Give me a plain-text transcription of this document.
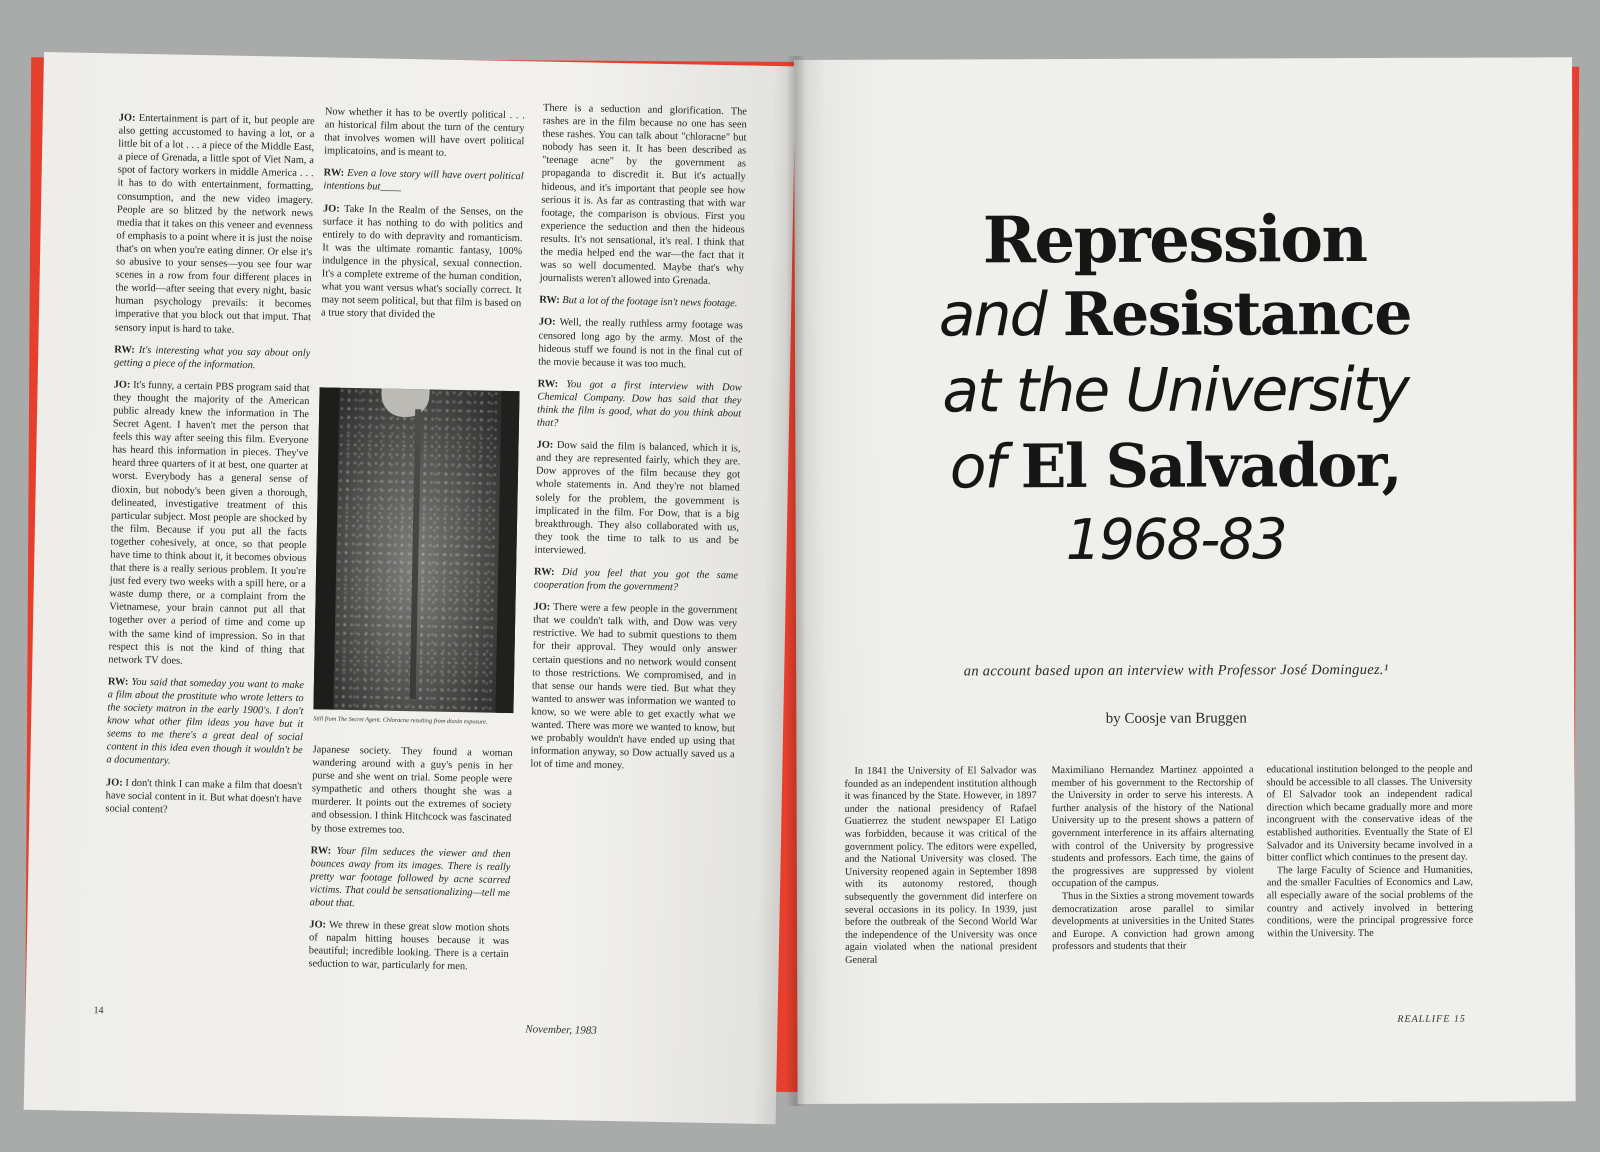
JO: Entertainment is part of it, but people are also getting accustomed to having a lot, or a little bit of a lot . . . a piece of the Middle East, a piece of Grenada, a little spot of Viet Nam, a spot of factory workers in middle America . . . it has to do with entertainment, formatting, consumption, and the new video imagery. People are so blitzed by the network news media that it takes on this veneer and evenness of emphasis to a point where it is just the noise that's on when you're eating dinner. Or else it's so abusive to your senses—you see four war scenes in a row from four different places in the world—after seeing that every night, basic human psychology prevails: it becomes imperative that you block out that imput. That sensory input is hard to take.

RW: It's interesting what you say about only getting a piece of the information.

JO: It's funny, a certain PBS program said that they thought the majority of the American public already knew the information in The Secret Agent. I haven't met the person that feels this way after seeing this film. Everyone has heard this information in pieces. They've heard three quarters of it at best, one quarter at worst. Everybody has a general sense of dioxin, but nobody's been given a thorough, delineated, investigative treatment of this particular subject. Most people are shocked by the film. Because if you put all the facts together cohesively, at once, so that people have time to think about it, it becomes obvious that there is a really serious problem. It you're just fed every two weeks with a spill here, or a waste dump there, or a complaint from the Vietnamese, your brain cannot put all that together over a period of time and come up with the same kind of impression. So in that respect this is not the kind of thing that network TV does.

RW: You said that someday you want to make a film about the prostitute who wrote letters to the society matron in the early 1900's. I don't know what other film ideas you have but it seems to me there's a great deal of social content in this idea even though it wouldn't be a documentary.

JO: I don't think I can make a film that doesn't have social content in it. But what doesn't have social content?

Now whether it has to be overtly political . . . an historical film about the turn of the century that involves women will have overt political implicatoins, and is meant to.

RW: Even a love story will have overt political intentions but____

JO: Take In the Realm of the Senses, on the surface it has nothing to do with politics and entirely to do with depravity and romanticism. It was the ultimate romantic fantasy, 100% indulgence in the physical, sexual connection. It's a complete extreme of the human condition, what you want versus what's socially correct. It may not seem political, but that film is based on a true story that divided the

Still from The Secret Agent. Chloracne resulting from dioxin exposure.

Japanese society. They found a woman wandering around with a guy's penis in her purse and she went on trial. Some people were sympathetic and others thought she was a murderer. It points out the extremes of society and obsession. I think Hitchcock was fascinated by those extremes too.

RW: Your film seduces the viewer and then bounces away from its images. There is really pretty war footage followed by acne scarred victims. That could be sensationalizing—tell me about that.

JO: We threw in these great slow motion shots of napalm hitting houses because it was beautiful; incredible looking. There is a certain seduction to war, particularly for men.

There is a seduction and glorification. The rashes are in the film because no one has seen these rashes. You can talk about "chloracne" but nobody has seen it. It has been described as "teenage acne" by the government as propaganda to discredit it. But it's actually hideous, and it's important that people see how serious it is. As far as contrasting that with war footage, the comparison is obvious. First you experience the seduction and then the hideous results. It's not sensational, it's real. I think that the media helped end the war—the fact that it was so well documented. Maybe that's why journalists weren't allowed into Grenada.

RW: But a lot of the footage isn't news footage.

JO: Well, the really ruthless army footage was censored long ago by the army. Most of the hideous stuff we found is not in the final cut of the movie because it was too much.

RW: You got a first interview with Dow Chemical Company. Dow has said that they think the film is good, what do you think about that?

JO: Dow said the film is balanced, which it is, and they are represented fairly, which they are. Dow approves of the film because they got whole statements in. And they're not blamed solely for the problem, the government is implicated in the film. For Dow, that is a big breakthrough. They also collaborated with us, they took the time to talk to us and be interviewed.

RW: Did you feel that you got the same cooperation from the government?

JO: There were a few people in the government that we couldn't talk with, and Dow was very restrictive. We had to submit questions to them for their approval. They would only answer certain questions and no network would consent to those restrictions. We compromised, and in that sense our hands were tied. But what they wanted to answer was information we wanted to know, so we were able to get exactly what we wanted. There was more we wanted to know, but we probably wouldn't have ended up using that information anyway, so Dow actually saved us a lot of time and money.

14
November, 1983
Repression
and Resistance
at the University
of El Salvador,
1968-83
an account based upon an interview with Professor José Dominguez.¹
by Coosje van Bruggen

In 1841 the University of El Salvador was founded as an independent institution although it was financed by the State. However, in 1897 under the national presidency of Rafael Guatierrez the student newspaper El Latigo was forbidden, because it was critical of the government policy. The editors were expelled, and the National University was closed. The University reopened again in September 1898 with its autonomy restored, though subsequently the government did interfere on several occasions in its policy. In 1939, just before the outbreak of the Second World War the independence of the University was once again violated when the national president General

Maximiliano Hernandez Martinez appointed a member of his government to the Rectorship of the University in order to serve his interests. A further analysis of the history of the National University up to the present shows a pattern of government interference in its affairs alternating with control of the University by progressive students and professors. Each time, the gains of the progressives are suppressed by violent occupation of the campus.

Thus in the Sixties a strong movement towards democratization arose parallel to similar developments at universities in the United States and Europe. A conviction had grown among professors and students that their

educational institution belonged to the people and should be accessible to all classes. The University of El Salvador took an independent radical direction which became gradually more and more incongruent with the conservative ideas of the established authorities. Eventually the State of El Salvador and its University became involved in a bitter conflict which continues to the present day.

The large Faculty of Science and Humanities, and the smaller Faculties of Economics and Law, all especially aware of the social problems of the country and actively involved in bettering conditions, were the principal progressive force within the University. The

REALLIFE 15
